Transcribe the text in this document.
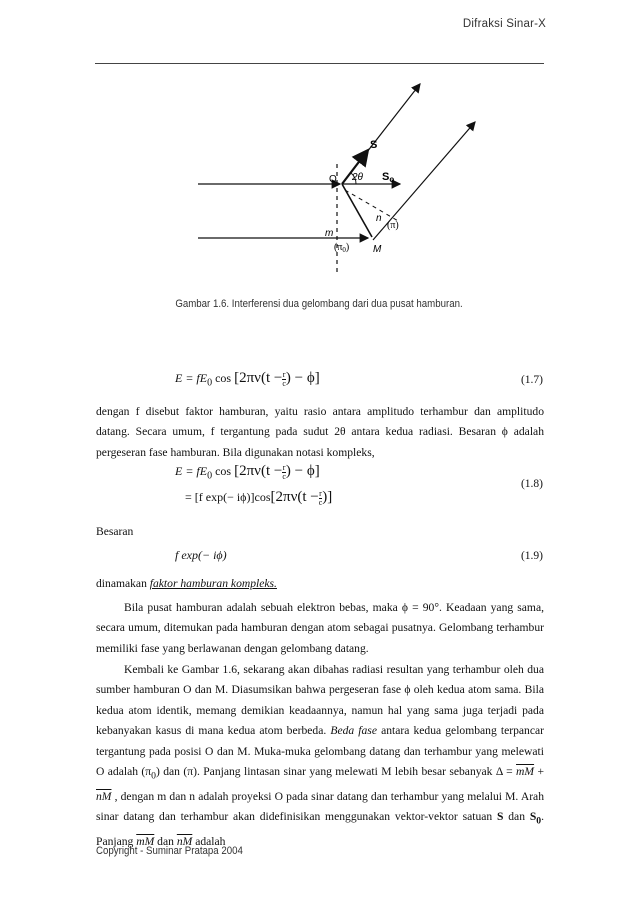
Difraksi Sinar-X
O
S
2θ So
n
(π)
m
$(\pi_0)$ M
Gambar 1.6. Interferensi dua gelombang dari dua pusat hamburan.
$E = fE_0$ $\cos [2\pi\nu(t - \frac{r}{c}$ ) − ϕ]	(1.7)
dengan f disebut faktor hamburan, yaitu rasio antara amplitudo terhambur dan amplitudo datang. Secara umum, f tergantung pada sudut 2θ antara kedua radiasi. Besaran ϕ adalah pergeseran fase hamburan. Bila digunakan notasi kompleks,
$E = fE_0$ $\cos [2\pi\nu(t - \frac{r}{c}$ ) − ϕ]
= [f $\exp(- i\phi)]\cos[2\pi\nu(t - \frac{r}{c}$ )]
(1.8)
Besaran
f exp(− iϕ)	(1.9)
dinamakan faktor hamburan kompleks.
Bila pusat hamburan adalah sebuah elektron bebas, maka ϕ = 90°. Keadaan yang sama, secara umum, ditemukan pada hamburan dengan atom sebagai pusatnya. Gelombang terhambur memiliki fase yang berlawanan dengan gelombang datang.
Kembali ke Gambar 1.6, sekarang akan dibahas radiasi resultan yang terhambur oleh dua sumber hamburan O dan M. Diasumsikan bahwa pergeseran fase ϕ oleh kedua atom sama. Bila kedua atom identik, memang demikian keadaannya, namun hal yang sama juga terjadi pada kebanyakan kasus di mana kedua atom berbeda. Beda fase antara kedua gelombang terpancar tergantung pada posisi O dan M. Muka-muka gelombang datang dan terhambur yang melewati O adalah $(\pi_0)$ dan (π). Panjang lintasan sinar yang melewati M lebih besar sebanyak $\Delta = \overline{mM} + \overline{nM}$ , dengan m dan n adalah proyeksi O pada sinar datang dan terhambur yang melalui M. Arah sinar datang dan terhambur akan didefinisikan menggunakan vektor-vektor satuan S dan $S_0$. Panjang $\overline{mM}$ dan $\overline{nM}$ adalah
Copyright - Suminar Pratapa 2004
